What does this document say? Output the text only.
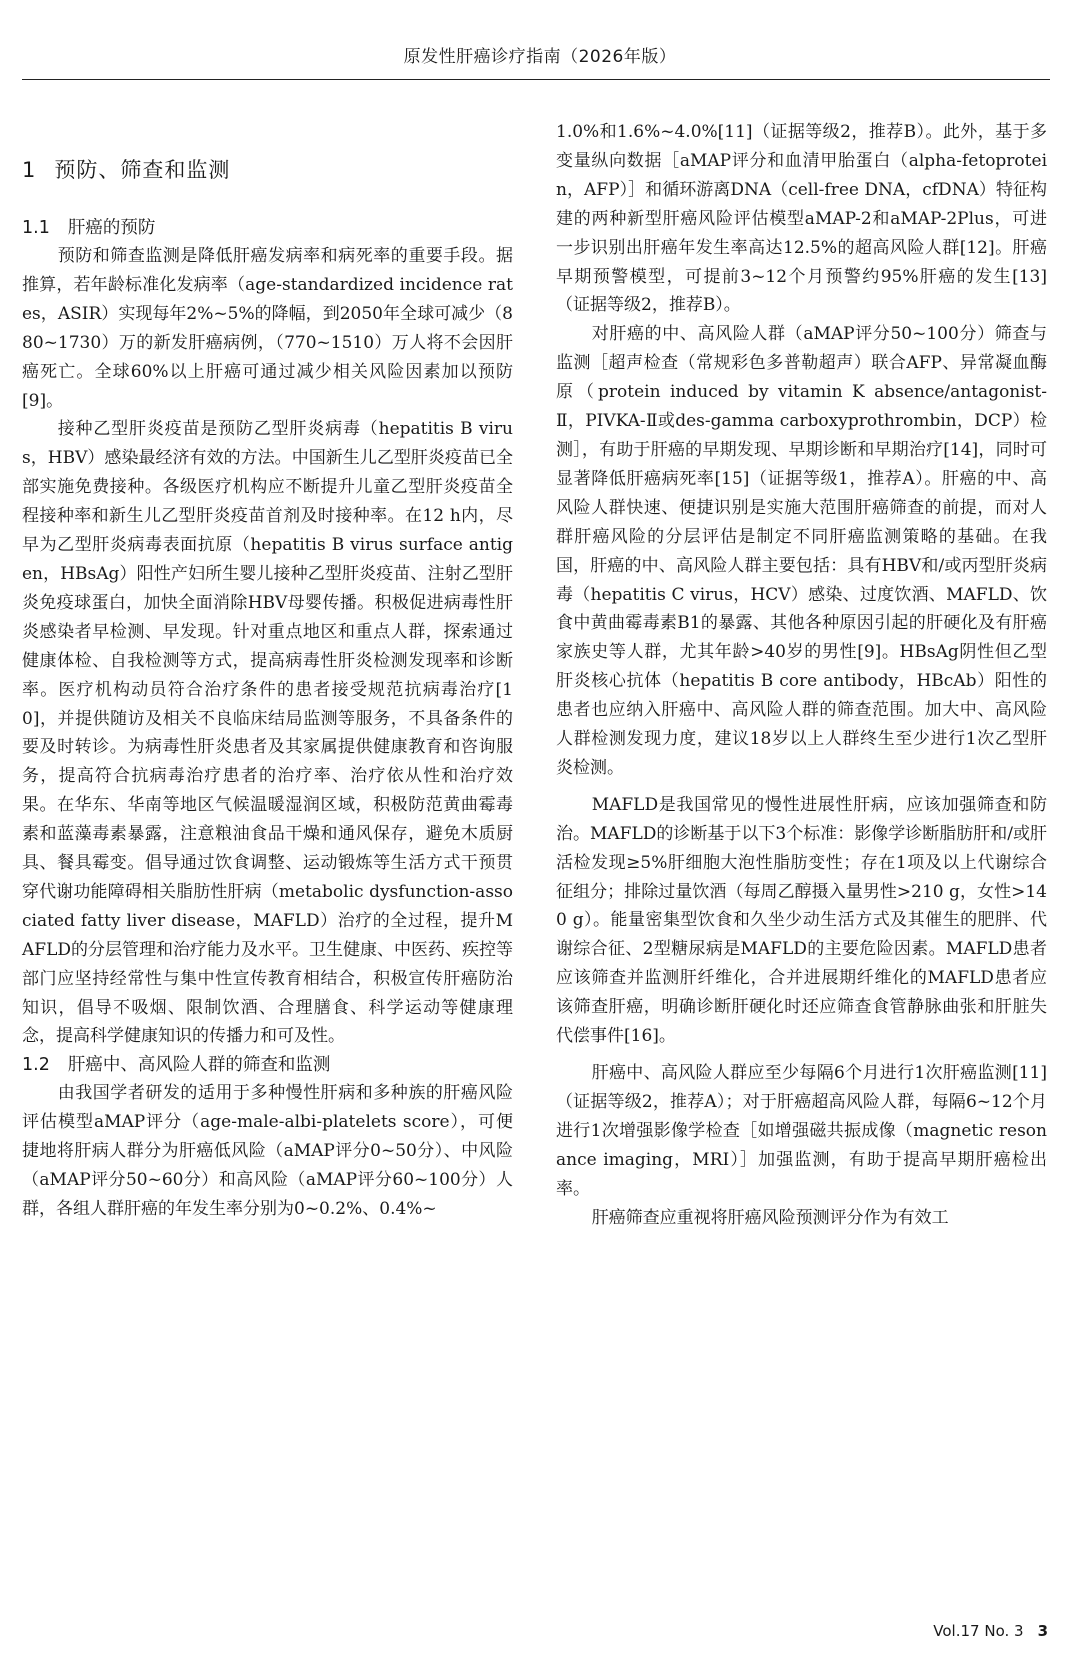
原发性肝癌诊疗指南（2026年版）
1 预防、筛查和监测
1.1 肝癌的预防

预防和筛查监测是降低肝癌发病率和病死率的重要手段。据推算，若年龄标准化发病率（age-standardized incidence rates，ASIR）实现每年2%~5%的降幅，到2050年全球可减少（880~1730）万的新发肝癌病例，（770~1510）万人将不会因肝癌死亡。全球60%以上肝癌可通过减少相关风险因素加以预防[9]。

接种乙型肝炎疫苗是预防乙型肝炎病毒（hepatitis B virus，HBV）感染最经济有效的方法。中国新生儿乙型肝炎疫苗已全部实施免费接种。各级医疗机构应不断提升儿童乙型肝炎疫苗全程接种率和新生儿乙型肝炎疫苗首剂及时接种率。在12 h内，尽早为乙型肝炎病毒表面抗原（hepatitis B virus surface antigen，HBsAg）阳性产妇所生婴儿接种乙型肝炎疫苗、注射乙型肝炎免疫球蛋白，加快全面消除HBV母婴传播。积极促进病毒性肝炎感染者早检测、早发现。针对重点地区和重点人群，探索通过健康体检、自我检测等方式，提高病毒性肝炎检测发现率和诊断率。医疗机构动员符合治疗条件的患者接受规范抗病毒治疗[10]，并提供随访及相关不良临床结局监测等服务，不具备条件的要及时转诊。为病毒性肝炎患者及其家属提供健康教育和咨询服务，提高符合抗病毒治疗患者的治疗率、治疗依从性和治疗效果。在华东、华南等地区气候温暖湿润区域，积极防范黄曲霉毒素和蓝藻毒素暴露，注意粮油食品干燥和通风保存，避免木质厨具、餐具霉变。倡导通过饮食调整、运动锻炼等生活方式干预贯穿代谢功能障碍相关脂肪性肝病（metabolic dysfunction-associated fatty liver disease，MAFLD）治疗的全过程，提升MAFLD的分层管理和治疗能力及水平。卫生健康、中医药、疾控等部门应坚持经常性与集中性宣传教育相结合，积极宣传肝癌防治知识，倡导不吸烟、限制饮酒、合理膳食、科学运动等健康理念，提高科学健康知识的传播力和可及性。

1.2 肝癌中、高风险人群的筛查和监测

由我国学者研发的适用于多种慢性肝病和多种族的肝癌风险评估模型aMAP评分（age-male-albi-platelets score），可便捷地将肝病人群分为肝癌低风险（aMAP评分0~50分）、中风险（aMAP评分50~60分）和高风险（aMAP评分60~100分）人群，各组人群肝癌的年发生率分别为0~0.2%、0.4%~

1.0%和1.6%~4.0%[11]（证据等级2，推荐B）。此外，基于多变量纵向数据［aMAP评分和血清甲胎蛋白（alpha-fetoprotein，AFP）］和循环游离DNA（cell-free DNA，cfDNA）特征构建的两种新型肝癌风险评估模型aMAP-2和aMAP-2Plus，可进一步识别出肝癌年发生率高达12.5%的超高风险人群[12]。肝癌早期预警模型，可提前3~12个月预警约95%肝癌的发生[13]（证据等级2，推荐B）。

对肝癌的中、高风险人群（aMAP评分50~100分）筛查与监测［超声检查（常规彩色多普勒超声）联合AFP、异常凝血酶原（protein induced by vitamin K absence/antagonist-Ⅱ，PIVKA-Ⅱ或des-gamma carboxyprothrombin，DCP）检测］，有助于肝癌的早期发现、早期诊断和早期治疗[14]，同时可显著降低肝癌病死率[15]（证据等级1，推荐A）。肝癌的中、高风险人群快速、便捷识别是实施大范围肝癌筛查的前提，而对人群肝癌风险的分层评估是制定不同肝癌监测策略的基础。在我国，肝癌的中、高风险人群主要包括：具有HBV和/或丙型肝炎病毒（hepatitis C virus，HCV）感染、过度饮酒、MAFLD、饮食中黄曲霉毒素B1的暴露、其他各种原因引起的肝硬化及有肝癌家族史等人群，尤其年龄>40岁的男性[9]。HBsAg阴性但乙型肝炎核心抗体（hepatitis B core antibody，HBcAb）阳性的患者也应纳入肝癌中、高风险人群的筛查范围。加大中、高风险人群检测发现力度，建议18岁以上人群终生至少进行1次乙型肝炎检测。

MAFLD是我国常见的慢性进展性肝病，应该加强筛查和防治。MAFLD的诊断基于以下3个标准：影像学诊断脂肪肝和/或肝活检发现≥5%肝细胞大泡性脂肪变性；存在1项及以上代谢综合征组分；排除过量饮酒（每周乙醇摄入量男性>210 g，女性>140 g）。能量密集型饮食和久坐少动生活方式及其催生的肥胖、代谢综合征、2型糖尿病是MAFLD的主要危险因素。MAFLD患者应该筛查并监测肝纤维化，合并进展期纤维化的MAFLD患者应该筛查肝癌，明确诊断肝硬化时还应筛查食管静脉曲张和肝脏失代偿事件[16]。

肝癌中、高风险人群应至少每隔6个月进行1次肝癌监测[11]（证据等级2，推荐A）；对于肝癌超高风险人群，每隔6~12个月进行1次增强影像学检查［如增强磁共振成像（magnetic resonance imaging，MRI）］加强监测，有助于提高早期肝癌检出率。

肝癌筛查应重视将肝癌风险预测评分作为有效工

Vol.17 No. 3 3
